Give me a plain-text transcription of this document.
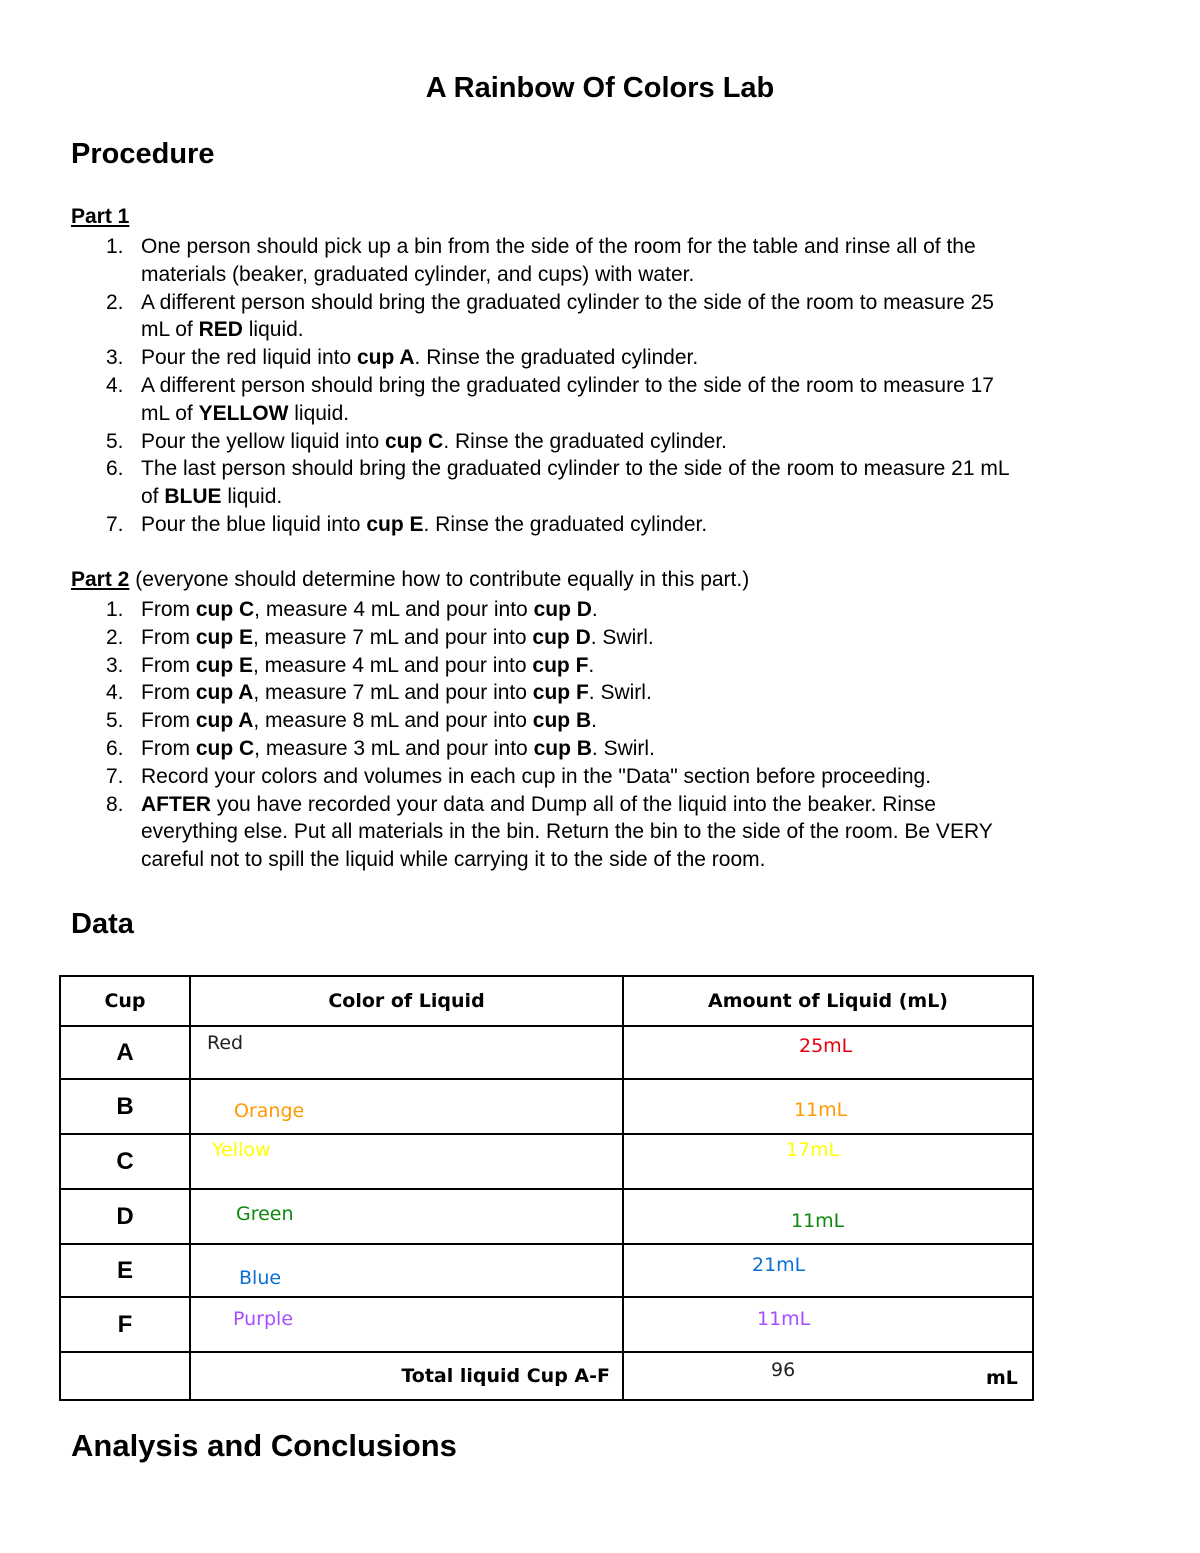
A Rainbow Of Colors Lab
Procedure
Part 1
1. One person should pick up a bin from the side of the room for the table and rinse all of the
materials (beaker, graduated cylinder, and cups) with water.
2. A different person should bring the graduated cylinder to the side of the room to measure 25
mL of RED liquid.
3. Pour the red liquid into cup A. Rinse the graduated cylinder.
4. A different person should bring the graduated cylinder to the side of the room to measure 17
mL of YELLOW liquid.
5. Pour the yellow liquid into cup C. Rinse the graduated cylinder.
6. The last person should bring the graduated cylinder to the side of the room to measure 21 mL
of BLUE liquid.
7. Pour the blue liquid into cup E. Rinse the graduated cylinder.
Part 2 (everyone should determine how to contribute equally in this part.)
1. From cup C, measure 4 mL and pour into cup D.
2. From cup E, measure 7 mL and pour into cup D. Swirl.
3. From cup E, measure 4 mL and pour into cup F.
4. From cup A, measure 7 mL and pour into cup F. Swirl.
5. From cup A, measure 8 mL and pour into cup B.
6. From cup C, measure 3 mL and pour into cup B. Swirl.
7. Record your colors and volumes in each cup in the "Data" section before proceeding.
8. AFTER you have recorded your data and Dump all of the liquid into the beaker. Rinse
everything else. Put all materials in the bin. Return the bin to the side of the room. Be VERY
careful not to spill the liquid while carrying it to the side of the room.
Data
Cup	Color of Liquid	Amount of Liquid (mL)
A	Red	25mL

B	Orange	11mL

C	Yellow	17mL

D	Green	11mL

E	Blue	21mL

F	Purple	11mL

	Total liquid Cup A-F	96 mL
Analysis and Conclusions
